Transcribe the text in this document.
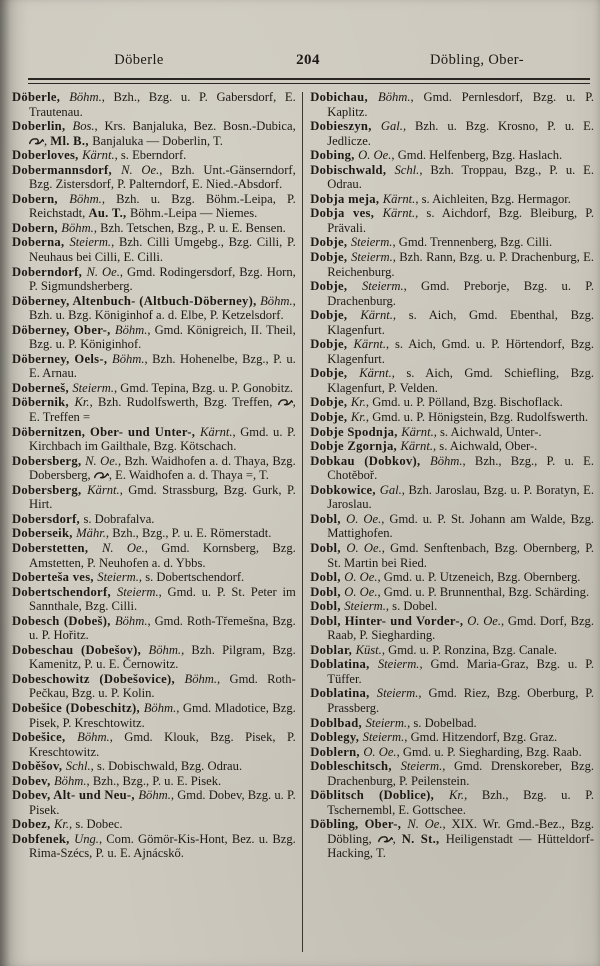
Döberle	204	Döbling, Ober-
Döberle, Böhm., Bzh., Bzg. u. P. Gabersdorf, E. Trautenau.
Doberlin, Bos., Krs. Banjaluka, Bez. Bosn.-Dubica,
, Ml. B., Banjaluka — Doberlin, T.
Doberloves, Kärnt., s. Eberndorf.
Dobermannsdorf, N. Oe., Bzh. Unt.-Gänserndorf, Bzg. Zistersdorf, P. Palterndorf, E. Nied.-Absdorf.
Dobern, Böhm., Bzh. u. Bzg. Böhm.-Leipa, P. Reichstadt, Au. T., Böhm.-Leipa — Niemes.
Dobern, Böhm., Bzh. Tetschen, Bzg., P. u. E. Bensen.
Doberna, Steierm., Bzh. Cilli Umgebg., Bzg. Cilli, P. Neuhaus bei Cilli, E. Cilli.
Doberndorf, N. Oe., Gmd. Rodingersdorf, Bzg. Horn, P. Sigmundsherberg.
Döberney, Altenbuch- (Altbuch-Döberney), Böhm., Bzh. u. Bzg. Königinhof a. d. Elbe, P. Ketzelsdorf.
Döberney, Ober-, Böhm., Gmd. Königreich, II. Theil, Bzg. u. P. Königinhof.
Döberney, Oels-, Böhm., Bzh. Hohenelbe, Bzg., P. u. E. Arnau.
Doberneš, Steierm., Gmd. Tepina, Bzg. u. P. Gonobitz.
Döbernik, Kr., Bzh. Rudolfswerth, Bzg. Treffen,
, E. Treffen =
Döbernitzen, Ober- und Unter-, Kärnt., Gmd. u. P. Kirchbach im Gailthale, Bzg. Kötschach.
Dobersberg, N. Oe., Bzh. Waidhofen a. d. Thaya, Bzg. Dobersberg,
, E. Waidhofen a. d. Thaya =, T.
Dobersberg, Kärnt., Gmd. Strassburg, Bzg. Gurk, P. Hirt.
Dobersdorf, s. Dobrafalva.
Doberseik, Mähr., Bzh., Bzg., P. u. E. Römerstadt.
Doberstetten, N. Oe., Gmd. Kornsberg, Bzg. Amstetten, P. Neuhofen a. d. Ybbs.
Doberteša ves, Steierm., s. Dobertschendorf.
Dobertschendorf, Steierm., Gmd. u. P. St. Peter im Sannthale, Bzg. Cilli.
Dobesch (Dobeš), Böhm., Gmd. Roth-Třemešna, Bzg. u. P. Hořitz.
Dobeschau (Dobešov), Böhm., Bzh. Pilgram, Bzg. Kamenitz, P. u. E. Černowitz.
Dobeschowitz (Dobešovice), Böhm., Gmd. Roth-Pečkau, Bzg. u. P. Kolin.
Dobešice (Dobeschitz), Böhm., Gmd. Mladotice, Bzg. Pisek, P. Kreschtowitz.
Dobešice, Böhm., Gmd. Klouk, Bzg. Pisek, P. Kreschtowitz.
Doběšov, Schl., s. Dobischwald, Bzg. Odrau.
Dobev, Böhm., Bzh., Bzg., P. u. E. Pisek.
Dobev, Alt- und Neu-, Böhm., Gmd. Dobev, Bzg. u. P. Pisek.
Dobez, Kr., s. Dobec.
Dobfenek, Ung., Com. Gömör-Kis-Hont, Bez. u. Bzg. Rima-Szécs, P. u. E. Ajnácskő.
Dobichau, Böhm., Gmd. Pernlesdorf, Bzg. u. P. Kaplitz.
Dobieszyn, Gal., Bzh. u. Bzg. Krosno, P. u. E. Jedlicze.
Dobing, O. Oe., Gmd. Helfenberg, Bzg. Haslach.
Dobischwald, Schl., Bzh. Troppau, Bzg., P. u. E. Odrau.
Dobja meja, Kärnt., s. Aichleiten, Bzg. Hermagor.
Dobja ves, Kärnt., s. Aichdorf, Bzg. Bleiburg, P. Prävali.
Dobje, Steierm., Gmd. Trennenberg, Bzg. Cilli.
Dobje, Steierm., Bzh. Rann, Bzg. u. P. Drachenburg, E. Reichenburg.
Dobje, Steierm., Gmd. Preborje, Bzg. u. P. Drachenburg.
Dobje, Kärnt., s. Aich, Gmd. Ebenthal, Bzg. Klagenfurt.
Dobje, Kärnt., s. Aich, Gmd. u. P. Hörtendorf, Bzg. Klagenfurt.
Dobje, Kärnt., s. Aich, Gmd. Schiefling, Bzg. Klagenfurt, P. Velden.
Dobje, Kr., Gmd. u. P. Pölland, Bzg. Bischoflack.
Dobje, Kr., Gmd. u. P. Hönigstein, Bzg. Rudolfswerth.
Dobje Spodnja, Kärnt., s. Aichwald, Unter-.
Dobje Zgornja, Kärnt., s. Aichwald, Ober-.
Dobkau (Dobkov), Böhm., Bzh., Bzg., P. u. E. Chotěboř.
Dobkowice, Gal., Bzh. Jaroslau, Bzg. u. P. Boratyn, E. Jaroslau.
Dobl, O. Oe., Gmd. u. P. St. Johann am Walde, Bzg. Mattighofen.
Dobl, O. Oe., Gmd. Senftenbach, Bzg. Obernberg, P. St. Martin bei Ried.
Dobl, O. Oe., Gmd. u. P. Utzeneich, Bzg. Obernberg.
Dobl, O. Oe., Gmd. u. P. Brunnenthal, Bzg. Schärding.
Dobl, Steierm., s. Dobel.
Dobl, Hinter- und Vorder-, O. Oe., Gmd. Dorf, Bzg. Raab, P. Siegharding.
Doblar, Küst., Gmd. u. P. Ronzina, Bzg. Canale.
Doblatina, Steierm., Gmd. Maria-Graz, Bzg. u. P. Tüffer.
Doblatina, Steierm., Gmd. Riez, Bzg. Oberburg, P. Prassberg.
Doblbad, Steierm., s. Dobelbad.
Doblegy, Steierm., Gmd. Hitzendorf, Bzg. Graz.
Doblern, O. Oe., Gmd. u. P. Siegharding, Bzg. Raab.
Dobleschitsch, Steierm., Gmd. Drenskoreber, Bzg. Drachenburg, P. Peilenstein.
Döblitsch (Doblice), Kr., Bzh., Bzg. u. P. Tschernembl, E. Gottschee.
Döbling, Ober-, N. Oe., XIX. Wr. Gmd.-Bez., Bzg. Döbling,
, N. St., Heiligenstadt — Hütteldorf-Hacking, T.
